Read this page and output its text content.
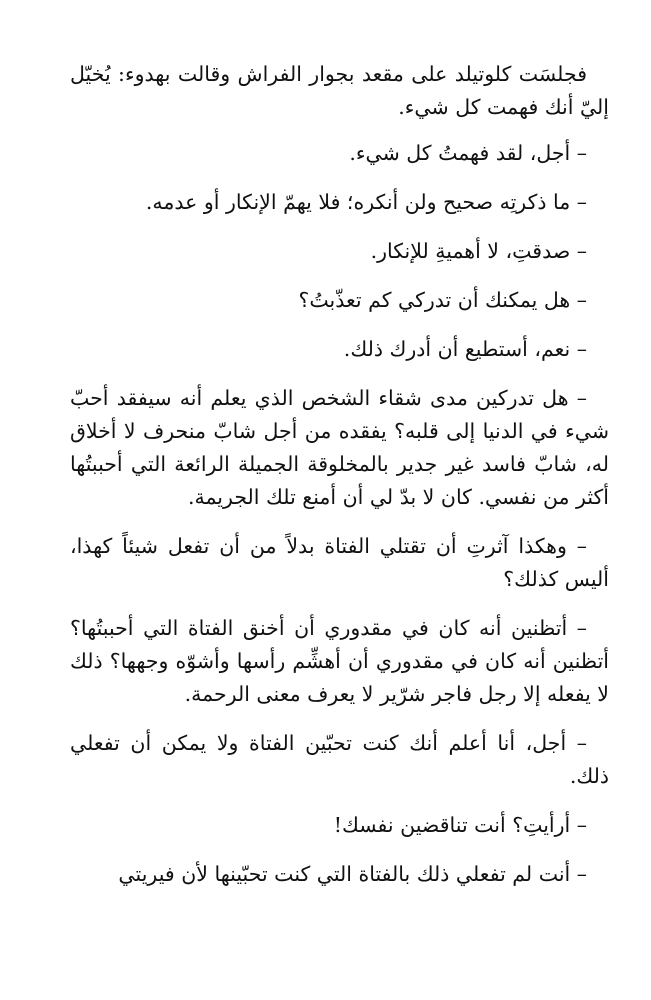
فجلسَت كلوتيلد على مقعد بجوار الفراش وقالت بهدوء: يُخيّل إليّ أنك فهمت كل شيء.

– أجل، لقد فهمتُ كل شيء.

– ما ذكرتِه صحيح ولن أنكره؛ فلا يهمّ الإنكار أو عدمه.

– صدقتِ، لا أهميةِ للإنكار.

– هل يمكنك أن تدركي كم تعذّبتُ؟

– نعم، أستطيع أن أدرك ذلك.

– هل تدركين مدى شقاء الشخص الذي يعلم أنه سيفقد أحبّ شيء في الدنيا إلى قلبه؟ يفقده من أجل شابّ منحرف لا أخلاق له، شابّ فاسد غير جدير بالمخلوقة الجميلة الرائعة التي أحببتُها أكثر من نفسي. كان لا بدّ لي أن أمنع تلك الجريمة.

– وهكذا آثرتِ أن تقتلي الفتاة بدلاً من أن تفعل شيئاً كهذا، أليس كذلك؟

– أتظنين أنه كان في مقدوري أن أخنق الفتاة التي أحببتُها؟ أتظنين أنه كان في مقدوري أن أهشِّم رأسها وأشوّه وجهها؟ ذلك لا يفعله إلا رجل فاجر شرّير لا يعرف معنى الرحمة.

– أجل، أنا أعلم أنك كنت تحبّين الفتاة ولا يمكن أن تفعلي ذلك.

– أرأيتِ؟ أنت تناقضين نفسك!

– أنت لم تفعلي ذلك بالفتاة التي كنت تحبّينها لأن فيريتي
